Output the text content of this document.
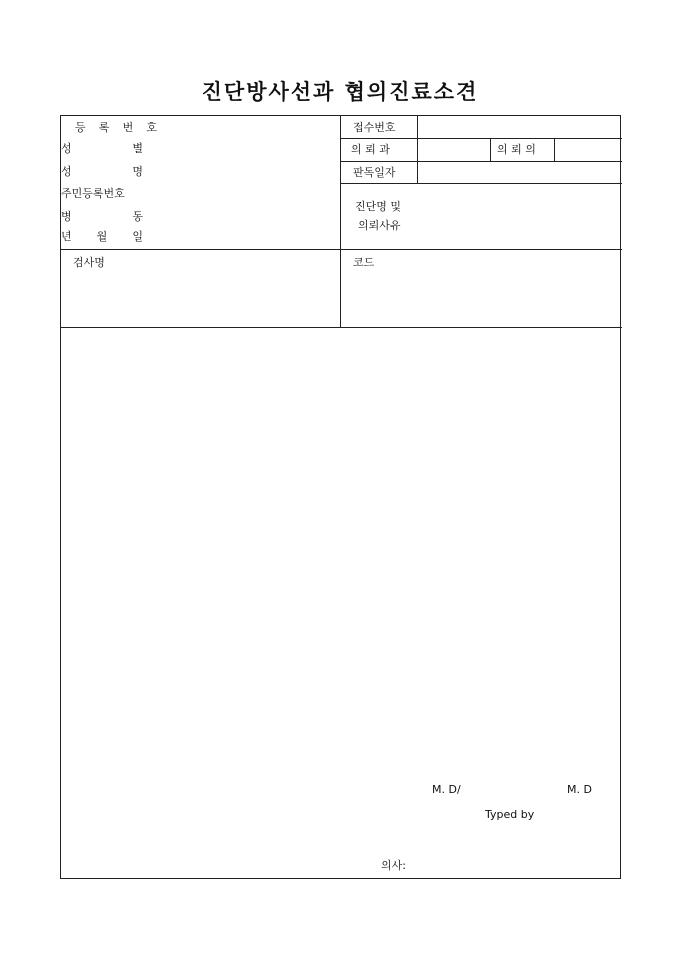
진단방사선과 협의진료소견
등 록 번 호
성	별
성	명
주민등록번호
병	동
년 월 일
접수번호
의 뢰 과	의 뢰 의
판독일자
진단명 및
의뢰사유
검사명	코드
M. D/	M. D
Typed by
의사:
